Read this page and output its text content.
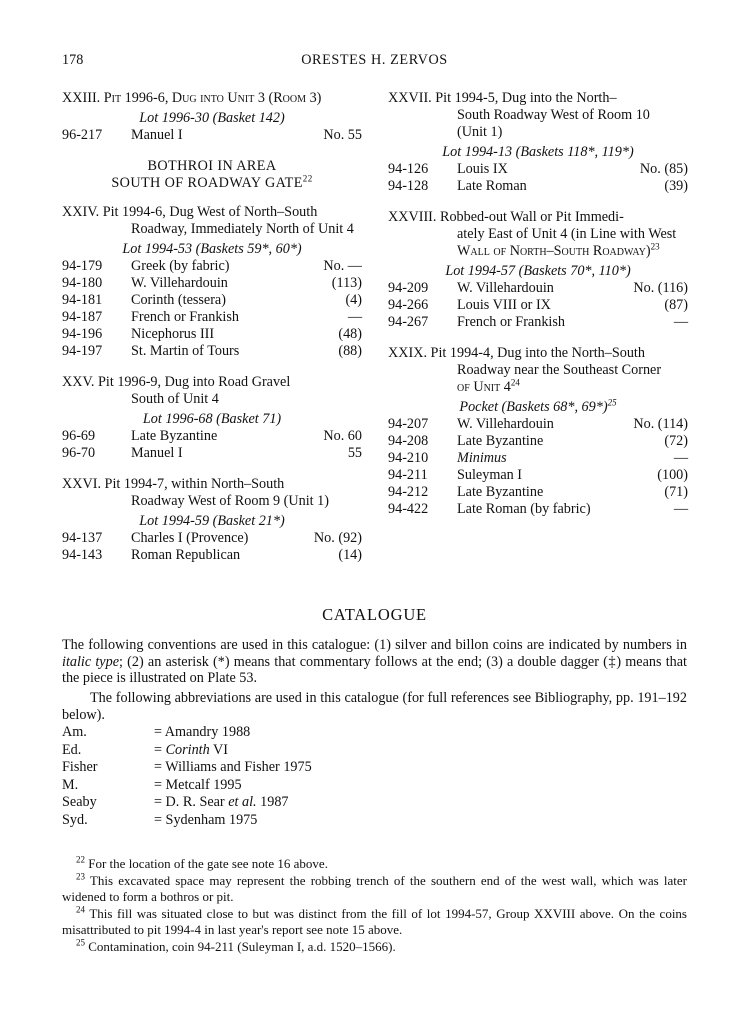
178	ORESTES H. ZERVOS
XXIII. Pit 1996-6, Dug into Unit 3 (Room 3)
Lot 1996-30 (Basket 142)
96-217	Manuel I	No. 55
BOTHROI IN AREA
SOUTH OF ROADWAY GATE$^{22}$
XXIV. Pit 1994-6, Dug West of North–South
Roadway, Immediately North of Unit 4
Lot 1994-53 (Baskets 59*, 60*)
94-179	Greek (by fabric)	No. —
94-180	W. Villehardouin	(113)
94-181	Corinth (tessera)	(4)
94-187	French or Frankish	—
94-196	Nicephorus III	(48)
94-197	St. Martin of Tours	(88)
XXV. Pit 1996-9, Dug into Road Gravel
South of Unit 4
Lot 1996-68 (Basket 71)
96-69	Late Byzantine	No. 60
96-70	Manuel I	55
XXVI. Pit 1994-7, within North–South
Roadway West of Room 9 (Unit 1)
Lot 1994-59 (Basket 21*)
94-137	Charles I (Provence)	No. (92)
94-143	Roman Republican	(14)
XXVII. Pit 1994-5, Dug into the North–
South Roadway West of Room 10
(Unit 1)
Lot 1994-13 (Baskets 118*, 119*)
94-126	Louis IX	No. (85)
94-128	Late Roman	(39)
XXVIII. Robbed-out Wall or Pit Immedi-
ately East of Unit 4 (in Line with West
Wall of North–South Roadway)$^{23}$
Lot 1994-57 (Baskets 70*, 110*)
94-209	W. Villehardouin	No. (116)
94-266	Louis VIII or IX	(87)
94-267	French or Frankish	—
XXIX. Pit 1994-4, Dug into the North–South
Roadway near the Southeast Corner
of Unit $4^{24}$
Pocket (Baskets 68*, 69*)$^{25}$
94-207	W. Villehardouin	No. (114)
94-208	Late Byzantine	(72)
94-210	Minimus	—
94-211	Suleyman I	(100)
94-212	Late Byzantine	(71)
94-422	Late Roman (by fabric)	—
CATALOGUE
The following conventions are used in this catalogue: (1) silver and billon coins are indicated by numbers in italic type; (2) an asterisk (*) means that commentary follows at the end; (3) a double dagger (‡) means that the piece is illustrated on Plate 53.
The following abbreviations are used in this catalogue (for full references see Bibliography, pp. 191–192 below).
Am.	= Amandry 1988
Ed.	= Corinth VI
Fisher	= Williams and Fisher 1975
M.	= Metcalf 1995
Seaby	= D. R. Sear et al. 1987
Syd.	= Sydenham 1975
$^{22}$ For the location of the gate see note 16 above.
$^{23}$ This excavated space may represent the robbing trench of the southern end of the west wall, which was later widened to form a bothros or pit.
$^{24}$ This fill was situated close to but was distinct from the fill of lot 1994-57, Group XXVIII above. On the coins misattributed to pit 1994-4 in last year's report see note 15 above.
$^{25}$ Contamination, coin 94-211 (Suleyman I, a.d. 1520–1566).
